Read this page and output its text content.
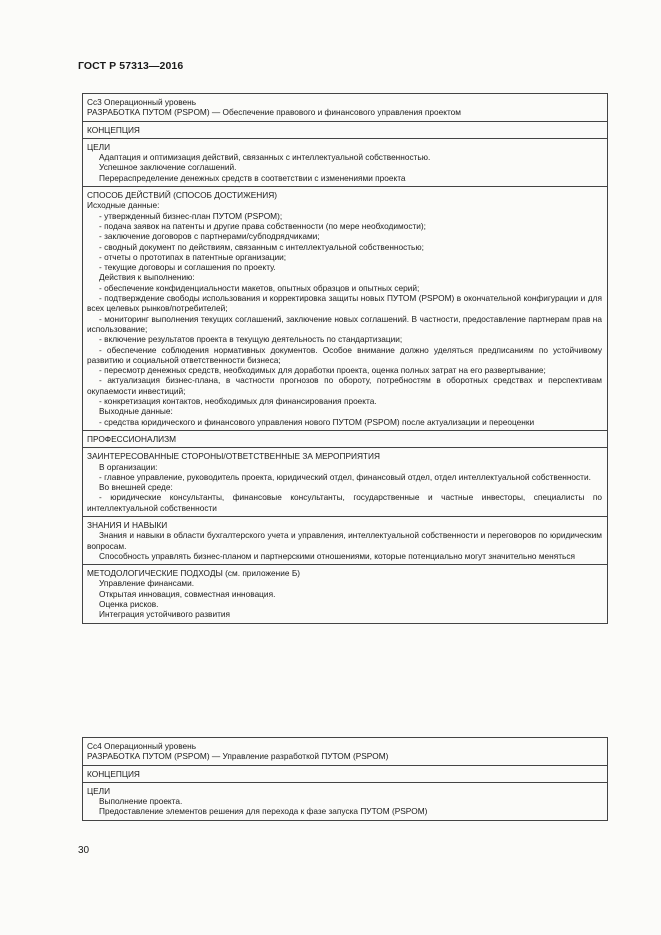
ГОСТ Р 57313—2016
Сс3 Операционный уровень
РАЗРАБОТКА ПУТОМ (PSPOM) — Обеспечение правового и финансового управления проектом
КОНЦЕПЦИЯ
ЦЕЛИ
Адаптация и оптимизация действий, связанных с интеллектуальной собственностью.
Успешное заключение соглашений.
Перераспределение денежных средств в соответствии с изменениями проекта
СПОСОБ ДЕЙСТВИЙ (СПОСОБ ДОСТИЖЕНИЯ)
Исходные данные:
- утвержденный бизнес-план ПУТОМ (PSPOM);
- подача заявок на патенты и другие права собственности (по мере необходимости);
- заключение договоров с партнерами/субподрядчиками;
- сводный документ по действиям, связанным с интеллектуальной собственностью;
- отчеты о прототипах в патентные организации;
- текущие договоры и соглашения по проекту.
Действия к выполнению:
- обеспечение конфиденциальности макетов, опытных образцов и опытных серий;
- подтверждение свободы использования и корректировка защиты новых ПУТОМ (PSPOM) в окончательной конфигурации и для всех целевых рынков/потребителей;
- мониторинг выполнения текущих соглашений, заключение новых соглашений. В частности, предоставление партнерам прав на использование;
- включение результатов проекта в текущую деятельность по стандартизации;
- обеспечение соблюдения нормативных документов. Особое внимание должно уделяться предписаниям по устойчивому развитию и социальной ответственности бизнеса;
- пересмотр денежных средств, необходимых для доработки проекта, оценка полных затрат на его развертывание;
- актуализация бизнес-плана, в частности прогнозов по обороту, потребностям в оборотных средствах и перспективам окупаемости инвестиций;
- конкретизация контактов, необходимых для финансирования проекта.
Выходные данные:
- средства юридического и финансового управления нового ПУТОМ (PSPOM) после актуализации и переоценки
ПРОФЕССИОНАЛИЗМ
ЗАИНТЕРЕСОВАННЫЕ СТОРОНЫ/ОТВЕТСТВЕННЫЕ ЗА МЕРОПРИЯТИЯ
В организации:
- главное управление, руководитель проекта, юридический отдел, финансовый отдел, отдел интеллектуальной собственности.
Во внешней среде:
- юридические консультанты, финансовые консультанты, государственные и частные инвесторы, специалисты по интеллектуальной собственности
ЗНАНИЯ И НАВЫКИ
Знания и навыки в области бухгалтерского учета и управления, интеллектуальной собственности и переговоров по юридическим вопросам.
Способность управлять бизнес-планом и партнерскими отношениями, которые потенциально могут значительно меняться
МЕТОДОЛОГИЧЕСКИЕ ПОДХОДЫ (см. приложение Б)
Управление финансами.
Открытая инновация, совместная инновация.
Оценка рисков.
Интеграция устойчивого развития
Сс4 Операционный уровень
РАЗРАБОТКА ПУТОМ (PSPOM) — Управление разработкой ПУТОМ (PSPOM)
КОНЦЕПЦИЯ
ЦЕЛИ
Выполнение проекта.
Предоставление элементов решения для перехода к фазе запуска ПУТОМ (PSPOM)
30
